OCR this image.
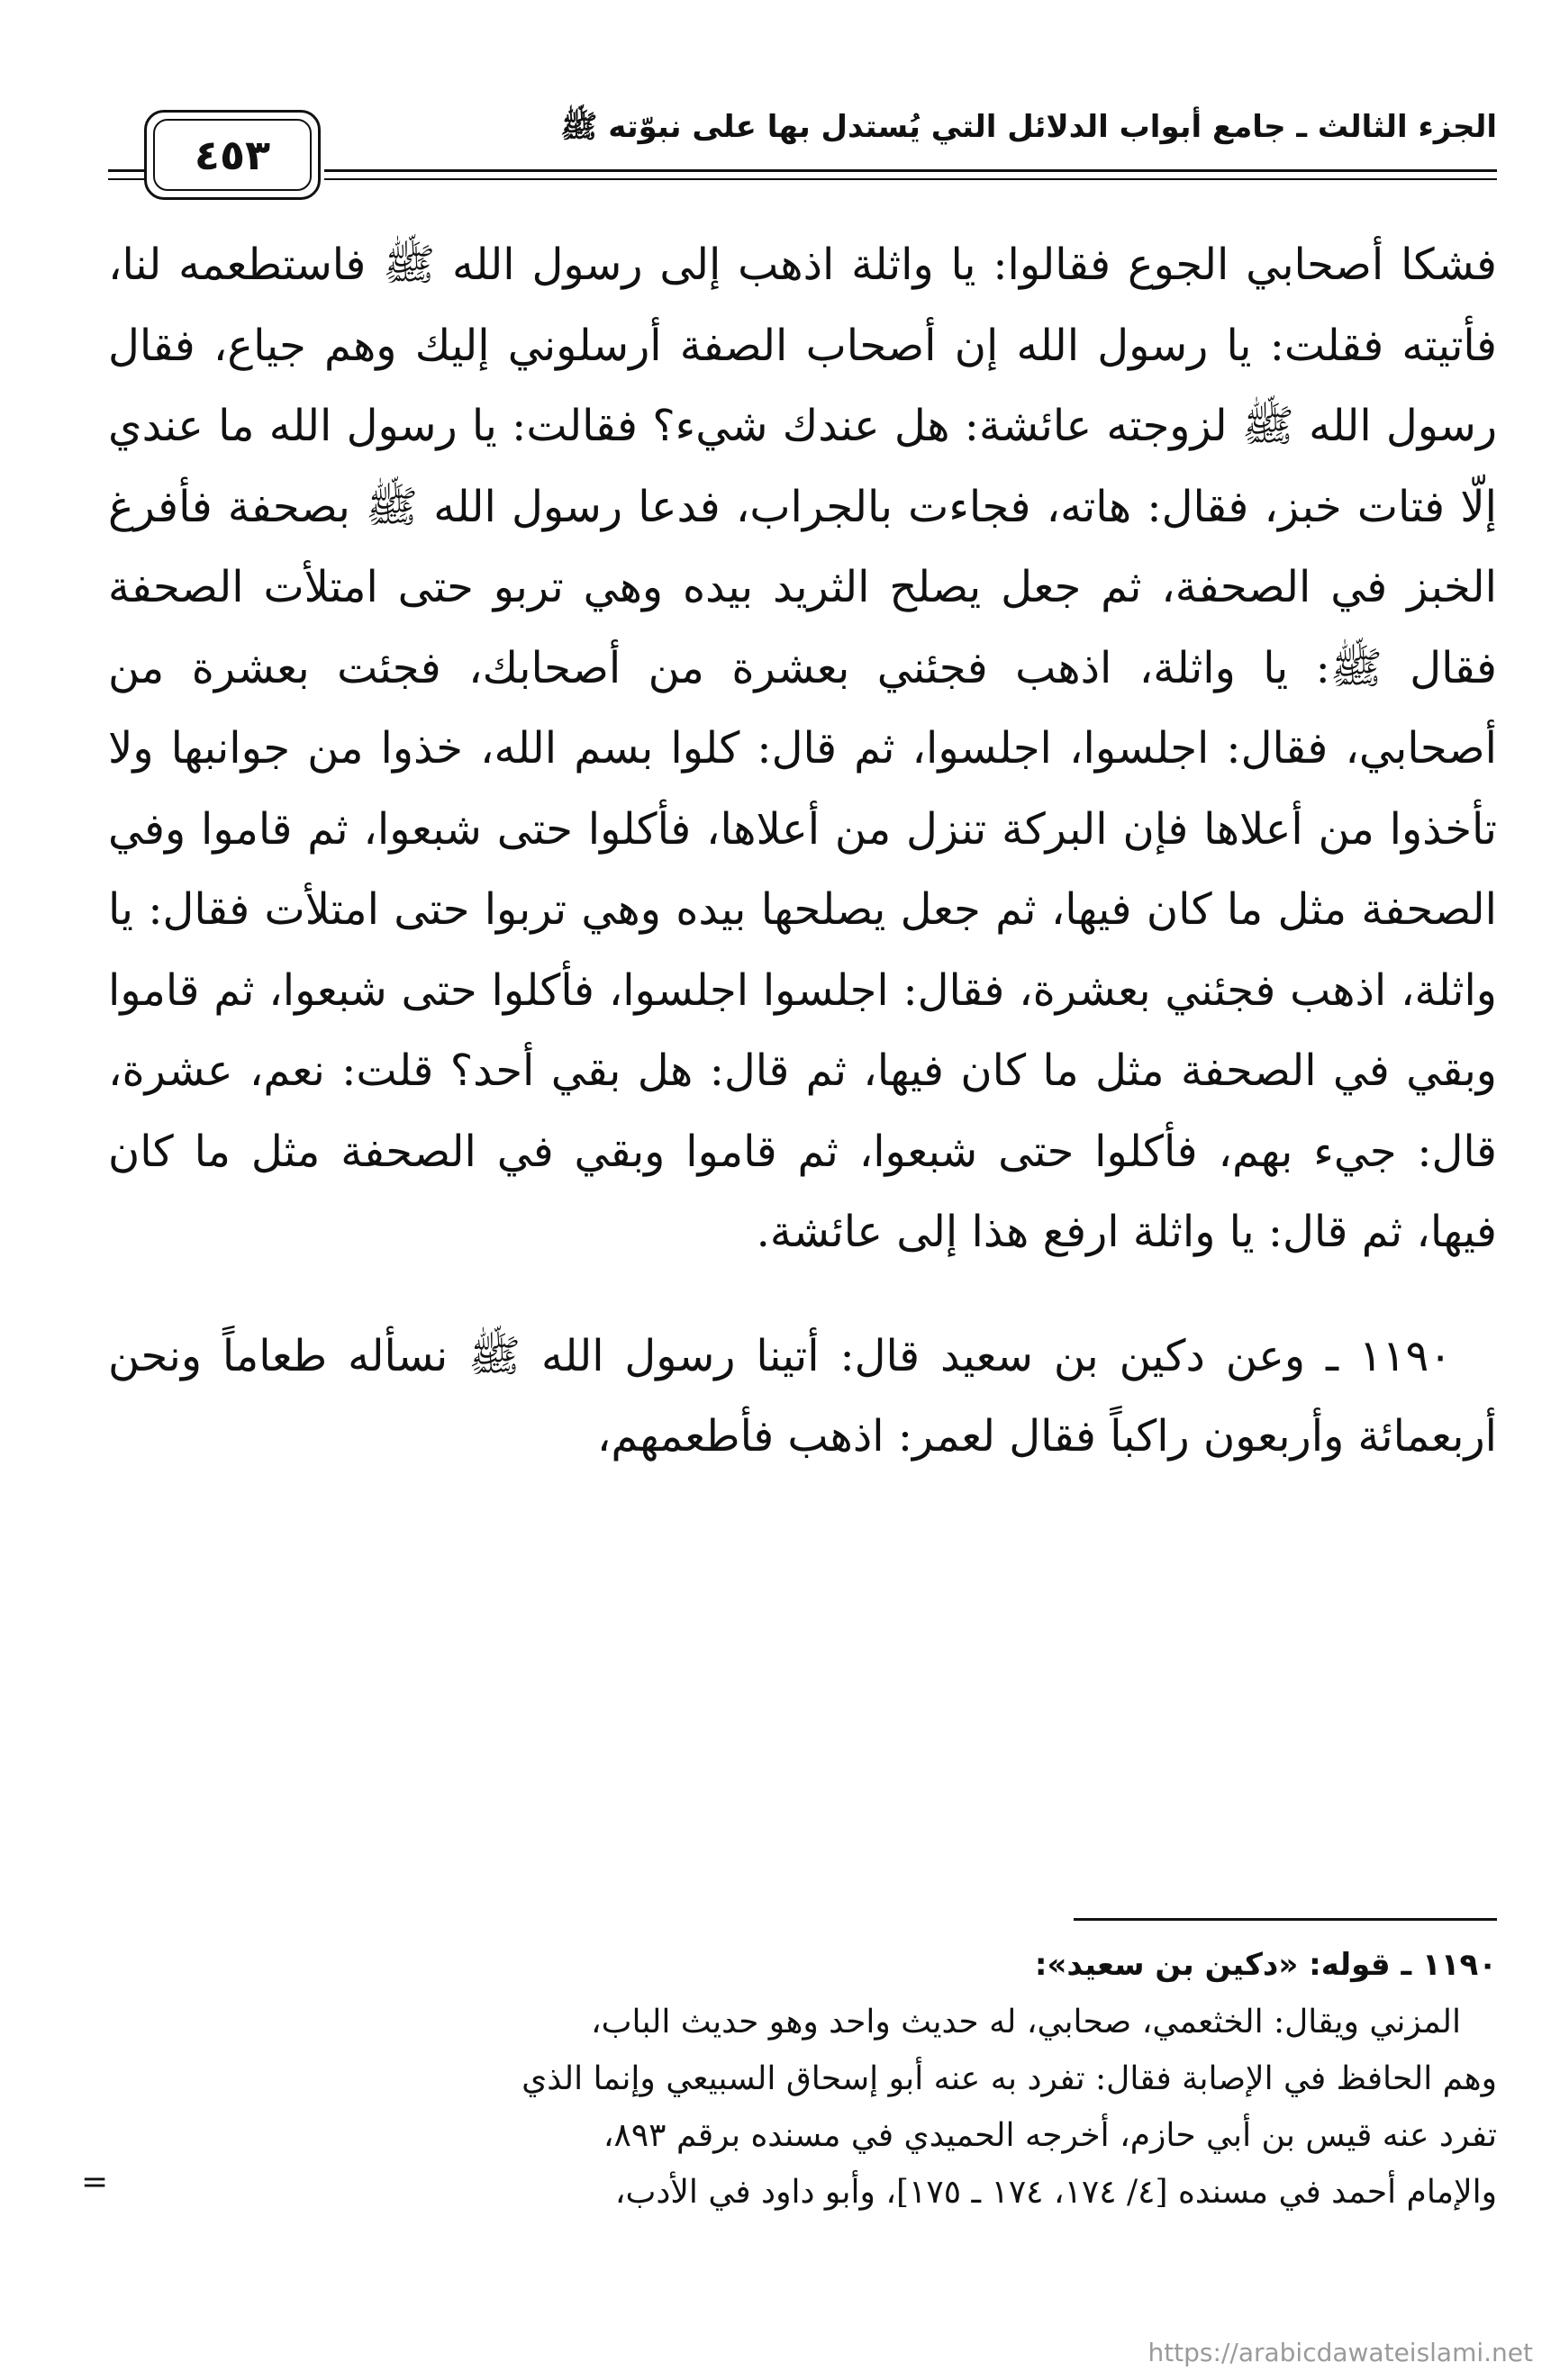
الجزء الثالث ـ جامع أبواب الدلائل التي يُستدل بها على نبوّته ﷺ
٤٥٣

فشكا أصحابي الجوع فقالوا: يا واثلة اذهب إلى رسول الله ﷺ فاستطعمه لنا، فأتيته فقلت: يا رسول الله إن أصحاب الصفة أرسلوني إليك وهم جياع، فقال رسول الله ﷺ لزوجته عائشة: هل عندك شيء؟ فقالت: يا رسول الله ما عندي إلّا فتات خبز، فقال: هاته، فجاءت بالجراب، فدعا رسول الله ﷺ بصحفة فأفرغ الخبز في الصحفة، ثم جعل يصلح الثريد بيده وهي تربو حتى امتلأت الصحفة فقال ﷺ: يا واثلة، اذهب فجئني بعشرة من أصحابك، فجئت بعشرة من أصحابي، فقال: اجلسوا، اجلسوا، ثم قال: كلوا بسم الله، خذوا من جوانبها ولا تأخذوا من أعلاها فإن البركة تنزل من أعلاها، فأكلوا حتى شبعوا، ثم قاموا وفي الصحفة مثل ما كان فيها، ثم جعل يصلحها بيده وهي تربوا حتى امتلأت فقال: يا واثلة، اذهب فجئني بعشرة، فقال: اجلسوا اجلسوا، فأكلوا حتى شبعوا، ثم قاموا وبقي في الصحفة مثل ما كان فيها، ثم قال: هل بقي أحد؟ قلت: نعم، عشرة، قال: جيء بهم، فأكلوا حتى شبعوا، ثم قاموا وبقي في الصحفة مثل ما كان فيها، ثم قال: يا واثلة ارفع هذا إلى عائشة.

١١٩٠ ـ وعن دكين بن سعيد قال: أتينا رسول الله ﷺ نسأله طعاماً ونحن أربعمائة وأربعون راكباً فقال لعمر: اذهب فأطعمهم،

١١٩٠ ـ قوله: «دكين بن سعيد»:

المزني ويقال: الخثعمي، صحابي، له حديث واحد وهو حديث الباب،

وهم الحافظ في الإصابة فقال: تفرد به عنه أبو إسحاق السبيعي وإنما الذي

تفرد عنه قيس بن أبي حازم، أخرجه الحميدي في مسنده برقم ٨٩٣،

والإمام أحمد في مسنده [٤/ ١٧٤، ١٧٤ ـ ١٧٥]، وأبو داود في الأدب،

=
https://arabicdawateislami.net
